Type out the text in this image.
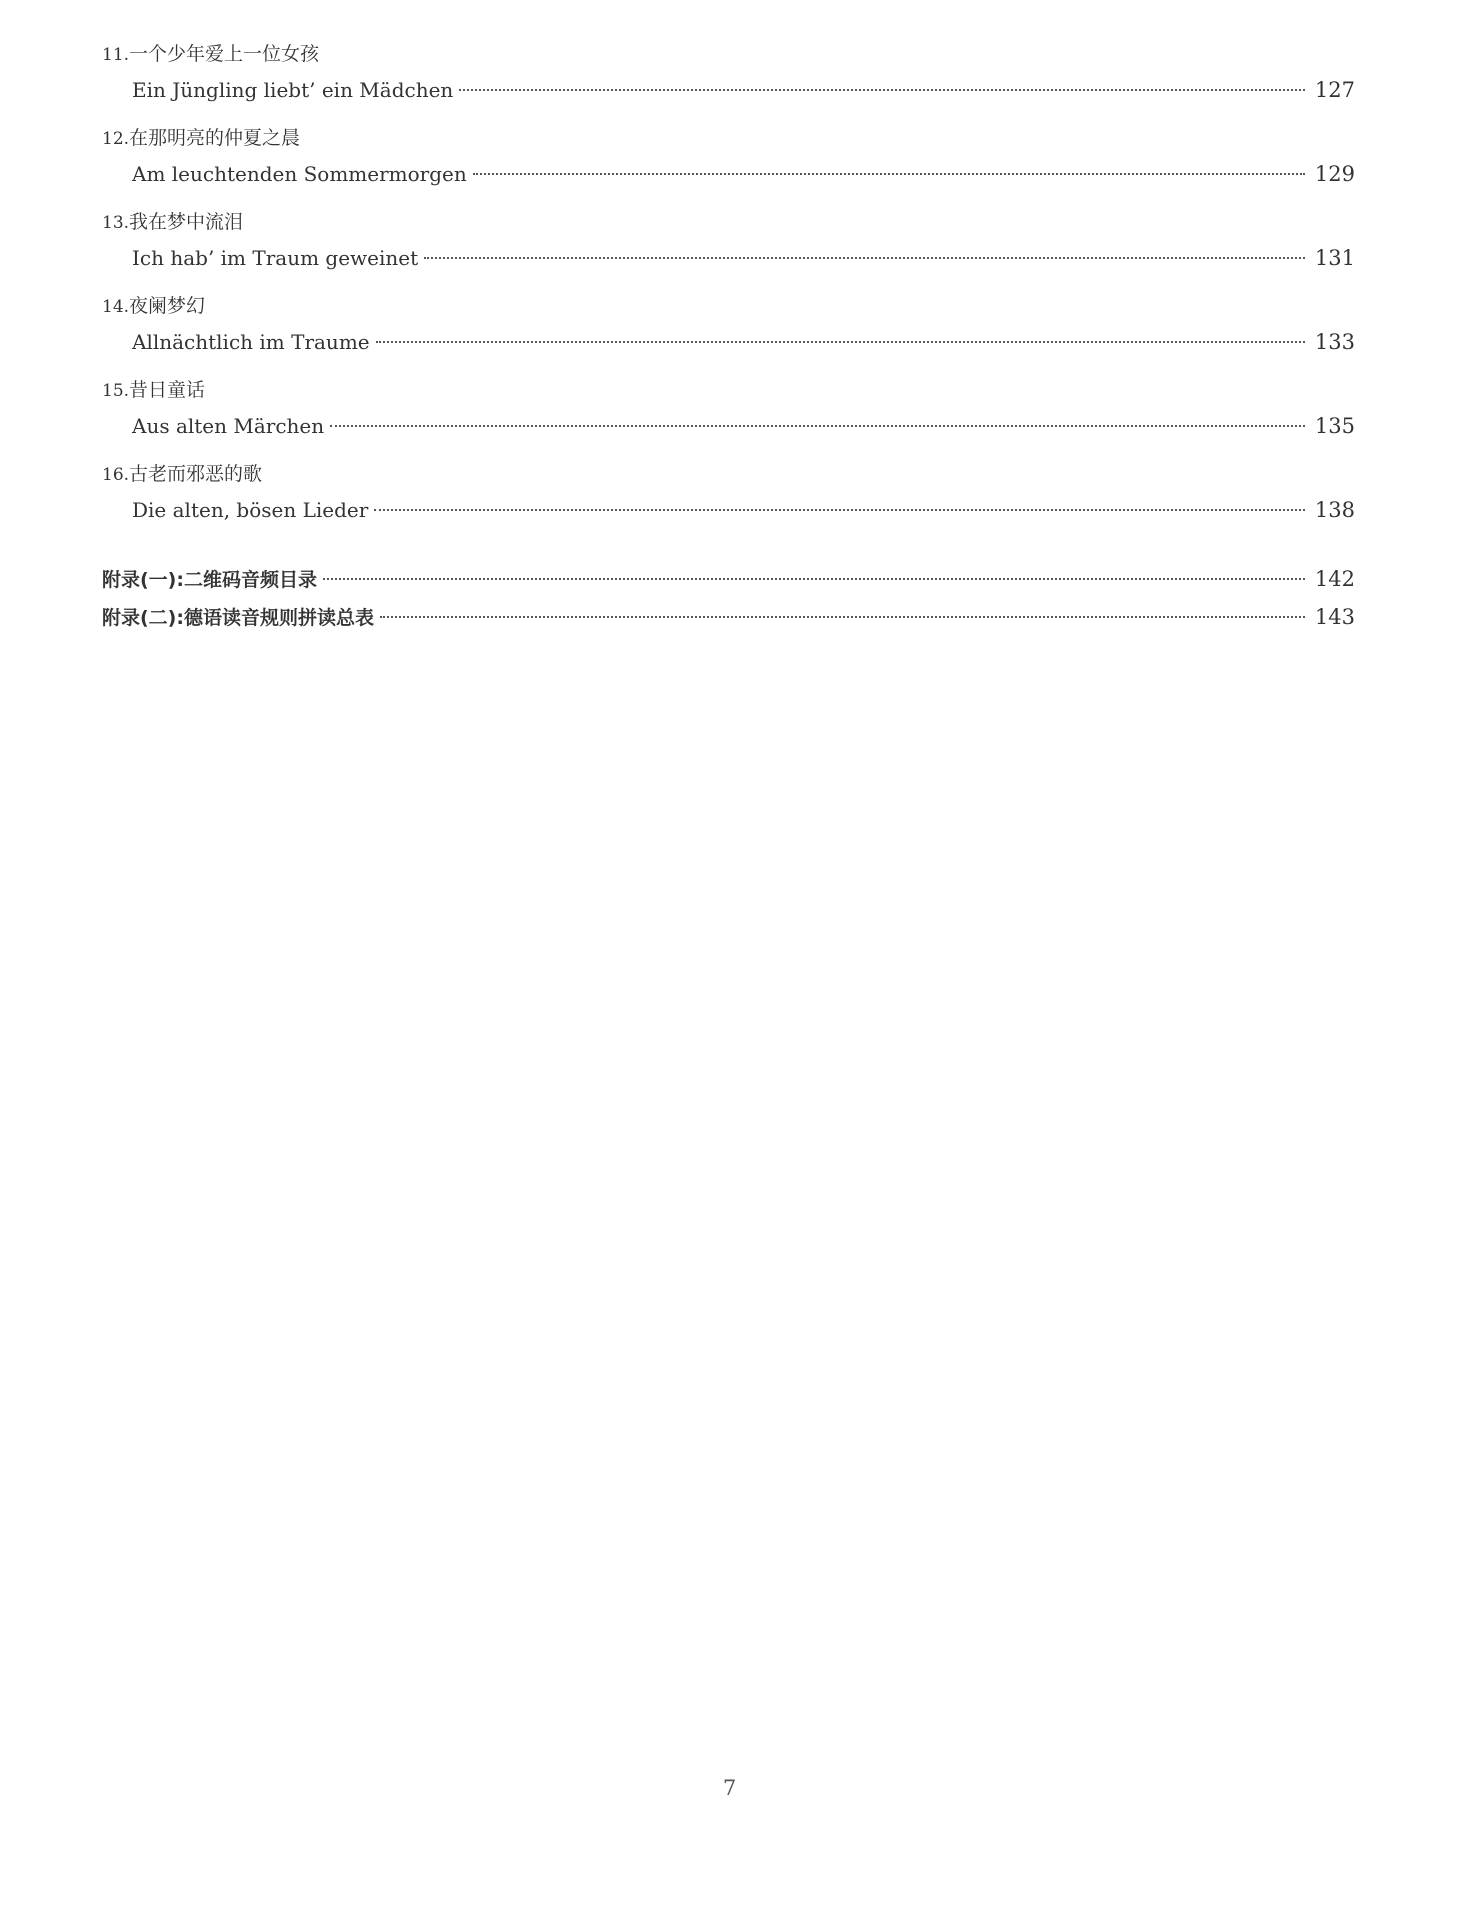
11.一个少年爱上一位女孩
Ein Jüngling liebt’ ein Mädchen	127
12.在那明亮的仲夏之晨
Am leuchtenden Sommermorgen	129
13.我在梦中流泪
Ich hab’ im Traum geweinet	131
14.夜阑梦幻
Allnächtlich im Traume	133
15.昔日童话
Aus alten Märchen	135
16.古老而邪恶的歌
Die alten, bösen Lieder	138
附录(一):二维码音频目录	142
附录(二):德语读音规则拼读总表	143
7
